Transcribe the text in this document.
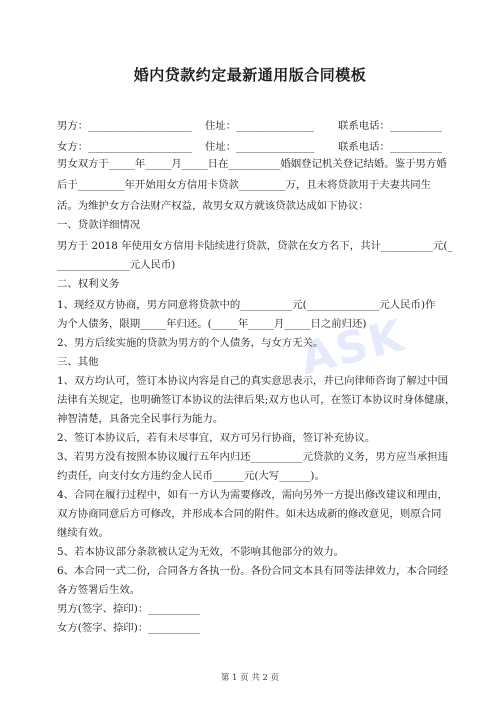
婚内贷款约定最新通用版合同模板
男方：____________________ 住址：_______________ 联系电话：__________
女方：____________________ 住址：_______________ 联系电话：__________
男女双方于_____年_____月_____日在__________婚姻登记机关登记结婚。鉴于男方婚
后于_________年开始用女方信用卡贷款_________万，且未将贷款用于夫妻共同生
活。为维护女方合法财产权益，故男女双方就该贷款达成如下协议：
一、贷款详细情况
男方于 2018 年使用女方信用卡陆续进行贷款，贷款在女方名下，共计__________元(_
______________元人民币)
二、权利义务
1、现经双方协商，男方同意将贷款中的__________元(______________元人民币)作
为个人债务，限期_____年归还。(_____年_____月_____日之前归还)
2、男方后续实施的贷款为男方的个人债务，与女方无关。
三、其他
1、双方均认可，签订本协议内容是自己的真实意思表示，并已向律师咨询了解过中国
法律有关规定，也明确签订本协议的法律后果;双方也认可，在签订本协议时身体健康，
神智清楚，具备完全民事行为能力。
2、签订本协议后，若有未尽事宜，双方可另行协商，签订补充协议。
3、若男方没有按照本协议履行五年内归还__________元贷款的义务，男方应当承担违
约责任，向支付女方违约金人民币______元(大写______)。
4、合同在履行过程中，如有一方认为需要修改，需向另外一方提出修改建议和理由，
双方协商同意后方可修改，并形成本合同的附件。如未达成新的修改意见，则原合同
继续有效。
5、若本协议部分条款被认定为无效，不影响其他部分的效力。
6、本合同一式二份，合同各方各执一份。各份合同文本具有同等法律效力，本合同经
各方签署后生效。
男方(签字、捺印)：__________
女方(签字、捺印)：__________
第 1 页 共 2 页
ASK
